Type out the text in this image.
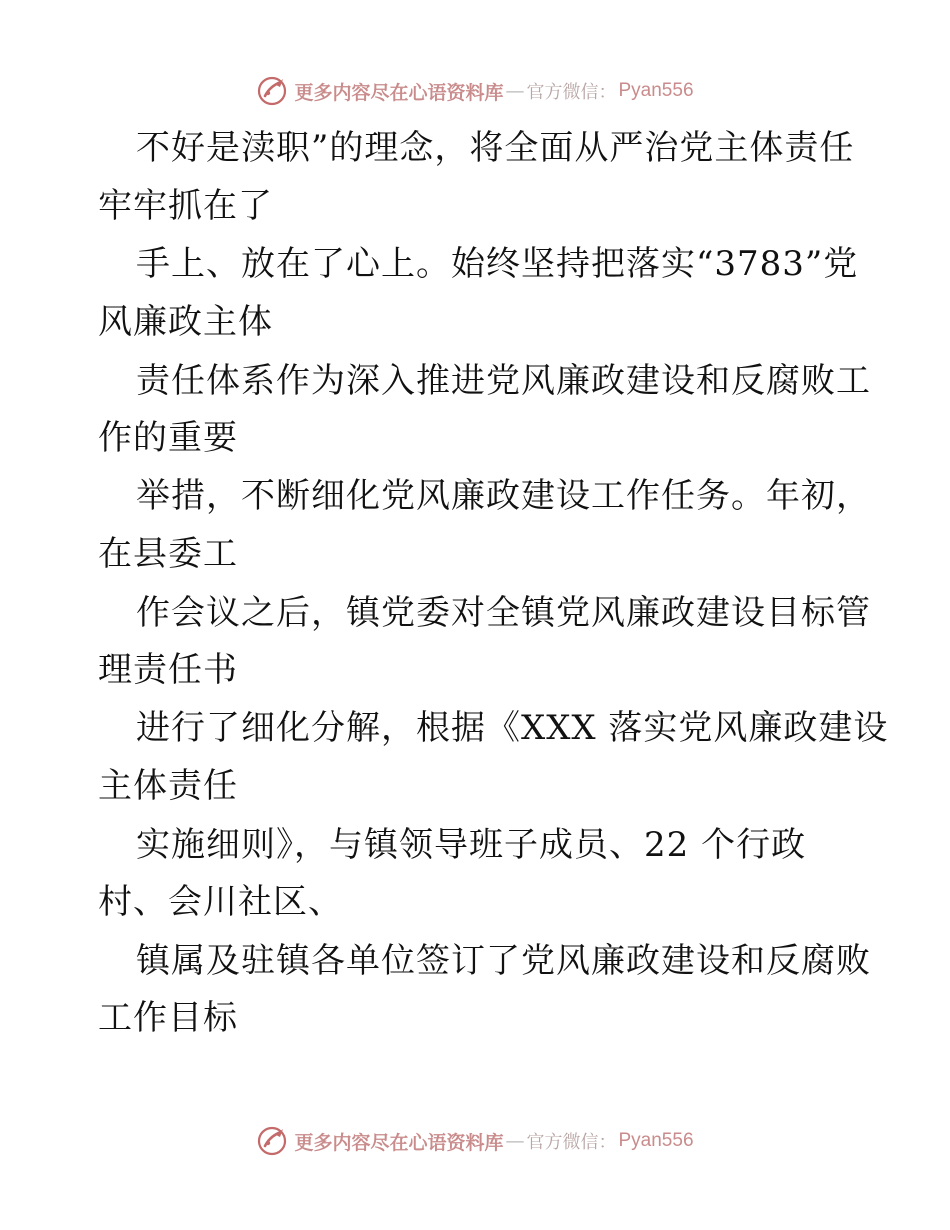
更多内容尽在心语资料库 — 官方微信： Pyan556
不好是渎职”的理念，将全面从严治党主体责任
牢牢抓在了
手上、放在了心上。始终坚持把落实“3783”党
风廉政主体
责任体系作为深入推进党风廉政建设和反腐败工
作的重要
举措，不断细化党风廉政建设工作任务。年初，
在县委工
作会议之后，镇党委对全镇党风廉政建设目标管
理责任书
进行了细化分解，根据《XXX 落实党风廉政建设
主体责任
实施细则》，与镇领导班子成员、22 个行政
村、会川社区、
镇属及驻镇各单位签订了党风廉政建设和反腐败
工作目标
更多内容尽在心语资料库 — 官方微信： Pyan556
